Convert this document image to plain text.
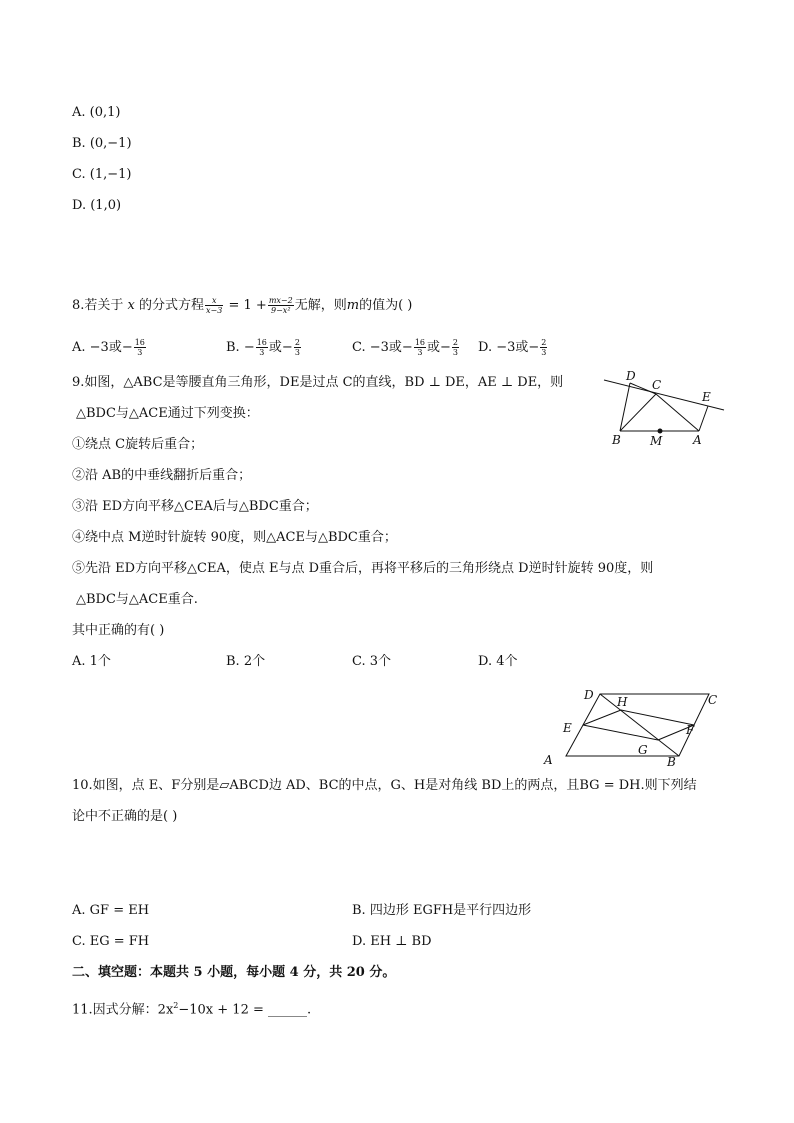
A. (0,1)
B. (0,−1)
C. (1,−1)
D. (1,0)
8.若关于 x 的分式方程 $\frac{x}{x-3} = 1 + \frac{mx-2}{\text{9−x²}}$ 无解，则m的值为( )
A. −3或− $\frac{16}{3}$	B. − $\frac{16}{3}$ 或− $\frac{2}{3}$	C. −3或− $\frac{16}{3}$ 或− $\frac{2}{3} D$. −3或− $\frac{2}{3}$
9.如图，△ABC是等腰直角三角形，DE是过点 C的直线，BD ⊥ DE，AE ⊥ DE，则
△BDC与△ACE通过下列变换：
①绕点 C旋转后重合；
②沿 AB的中垂线翻折后重合；
③沿 ED方向平移△CEA后与△BDC重合；
④绕中点 M逆时针旋转 90度，则△ACE与△BDC重合；
⑤先沿 ED方向平移△CEA，使点 E与点 D重合后，再将平移后的三角形绕点 D逆时针旋转 90度，则
△BDC与△ACE重合.
其中正确的有( )
A. 1个	B. 2个	C. 3个	D. 4个
D
C
E
B M	A
D H	C
E	F
G
A	B
10.如图，点 E、F分别是▱ABCD边 AD、BC的中点，G、H是对角线 BD上的两点，且BG = DH.则下列结
论中不正确的是( )
A. GF = EH	B. 四边形 EGFH是平行四边形
C. EG = FH	D. EH ⊥ BD
二、填空题：本题共 5 小题，每小题 4 分，共 20 分。
11.因式分解：$2x^2-10x + 12$ = ______.
